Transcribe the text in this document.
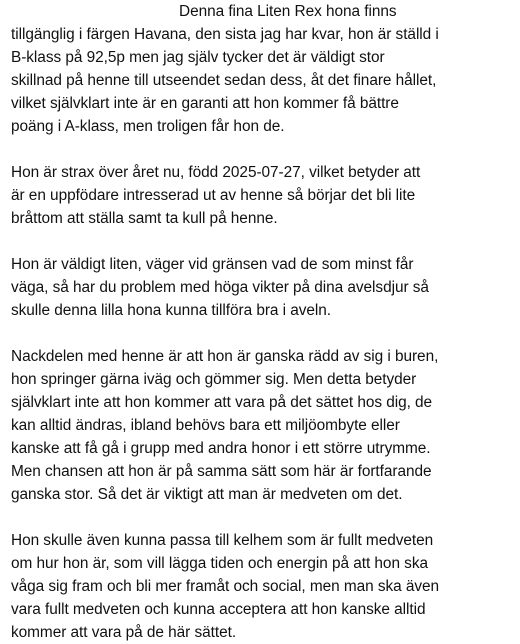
Denna fina Liten Rex hona finns
tillgänglig i färgen Havana, den sista jag har kvar, hon är ställd i
B-klass på 92,5p men jag själv tycker det är väldigt stor
skillnad på henne till utseendet sedan dess, åt det finare hållet,
vilket självklart inte är en garanti att hon kommer få bättre
poäng i A-klass, men troligen får hon de.

Hon är strax över året nu, född 2025-07-27, vilket betyder att
är en uppfödare intresserad ut av henne så börjar det bli lite
bråttom att ställa samt ta kull på henne.

Hon är väldigt liten, väger vid gränsen vad de som minst får
väga, så har du problem med höga vikter på dina avelsdjur så
skulle denna lilla hona kunna tillföra bra i aveln.

Nackdelen med henne är att hon är ganska rädd av sig i buren,
hon springer gärna iväg och gömmer sig. Men detta betyder
självklart inte att hon kommer att vara på det sättet hos dig, de
kan alltid ändras, ibland behövs bara ett miljöombyte eller
kanske att få gå i grupp med andra honor i ett större utrymme.
Men chansen att hon är på samma sätt som här är fortfarande
ganska stor. Så det är viktigt att man är medveten om det.

Hon skulle även kunna passa till kelhem som är fullt medveten
om hur hon är, som vill lägga tiden och energin på att hon ska
våga sig fram och bli mer framåt och social, men man ska även
vara fullt medveten och kunna acceptera att hon kanske alltid
kommer att vara på de här sättet.
